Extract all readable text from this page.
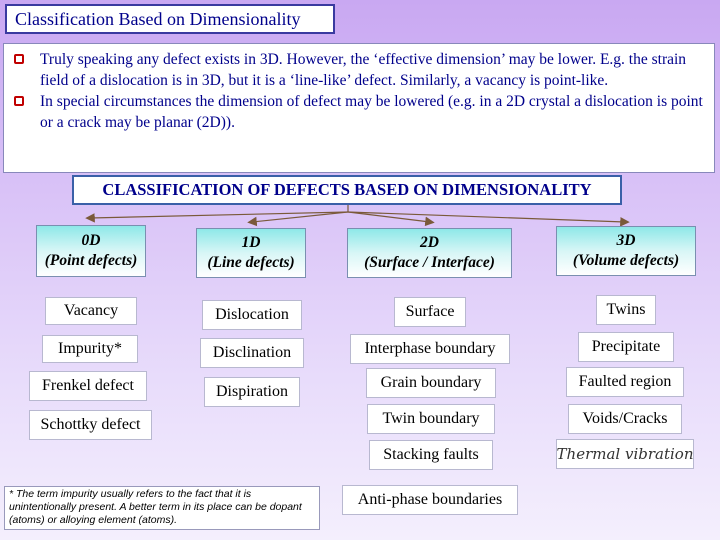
Classification Based on Dimensionality

Truly speaking any defect exists in 3D. However, the ‘effective dimension’ may be lower. E.g. the strain field of a dislocation is in 3D, but it is a ‘line-like’ defect. Similarly, a vacancy is point-like.

In special circumstances the dimension of defect may be lowered (e.g. in a 2D crystal a dislocation is point or a crack may be planar (2D)).

CLASSIFICATION OF DEFECTS BASED ON DIMENSIONALITY
0D
(Point defects)
1D
(Line defects)
2D
(Surface / Interface)
3D
(Volume defects)
Vacancy
Impurity*
Frenkel defect
Schottky defect
Dislocation
Disclination
Dispiration
Surface
Interphase boundary
Grain boundary
Twin boundary
Stacking faults
Anti-phase boundaries
Twins
Precipitate
Faulted region
Voids/Cracks
Thermal vibration
* The term impurity usually refers to the fact that it is unintentionally present. A better term in its place can be dopant (atoms) or alloying element (atoms).
